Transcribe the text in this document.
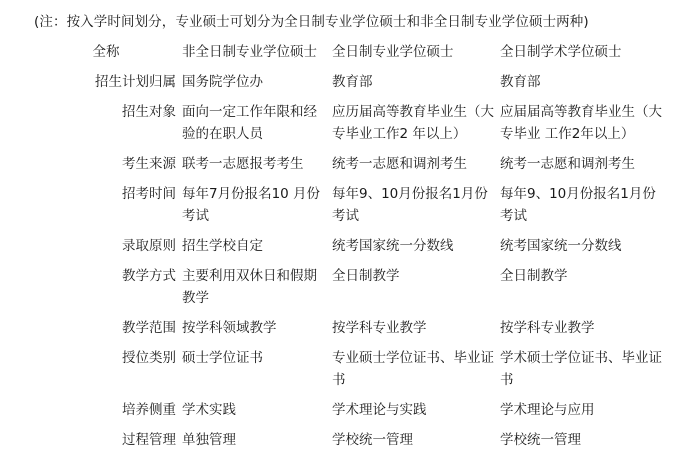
(注：按入学时间划分，专业硕士可划分为全日制专业学位硕士和非全日制专业学位硕士两种)

全称	非全日制专业学位硕士	全日制专业学位硕士	全日制学术学位硕士

招生计划归属	国务院学位办	教育部	教育部

招生对象	面向一定工作年限和经验的在职人员	应历届高等教育毕业生（大专毕业工作2 年以上）	应届届高等教育毕业生（大专毕业 工作2年以上）

考生来源	联考一志愿报考考生	统考一志愿和调剂考生	统考一志愿和调剂考生

招考时间	每年7月份报名10 月份考试	每年9、10月份报名1月份考试	每年9、10月份报名1月份考试

录取原则	招生学校自定	统考国家统一分数线	统考国家统一分数线

教学方式	主要利用双休日和假期教学	全日制教学	全日制教学

教学范围	按学科领域教学	按学科专业教学	按学科专业教学

授位类别	硕士学位证书	专业硕士学位证书、毕业证书	学术硕士学位证书、毕业证书

培养侧重	学术实践	学术理论与实践	学术理论与应用

过程管理	单独管理	学校统一管理	学校统一管理
